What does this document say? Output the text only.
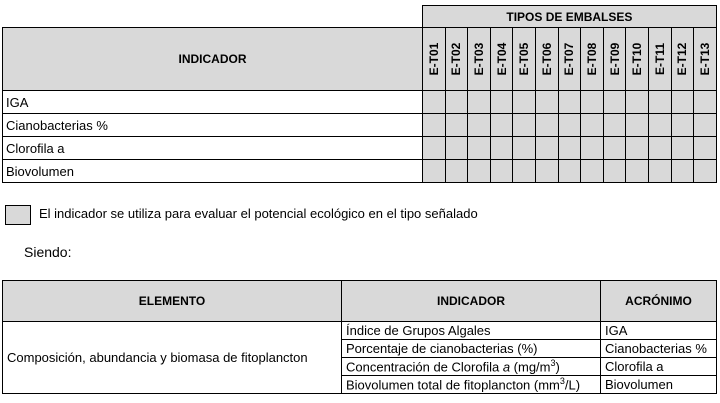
	TIPOS DE EMBALSES												
INDICADOR	E-T01	E-T02	E-T03	E-T04	E-T05	E-T06	E-T07	E-T08	E-T09	E-T10	E-T11	E-T12	E-T13

IGA													
Cianobacterias %													
Clorofila a													
Biovolumen													
El indicador se utiliza para evaluar el potencial ecológico en el tipo señalado
Siendo:
ELEMENTO	INDICADOR	ACRÓNIMO
Composición, abundancia y biomasa de fitoplancton	Índice de Grupos Algales	IGA
	Porcentaje de cianobacterias (%)	Cianobacterias %
	Concentración de Clorofila a $(mg/m^3)$	Clorofila a
	Biovolumen total de fitoplancton $(mm^3/L)$	Biovolumen
